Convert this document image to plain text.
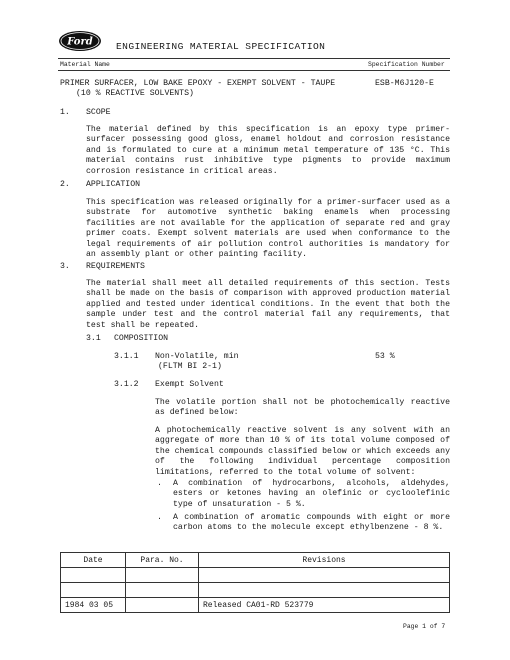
Ford ENGINEERING MATERIAL SPECIFICATION
Material Name	Specification Number
PRIMER SURFACER, LOW BAKE EPOXY - EXEMPT SOLVENT - TAUPE	ESB-M6J120-E
(10 % REACTIVE SOLVENTS)
1. SCOPE
The material defined by this specification is an epoxy type primer-surfacer possessing good gloss, enamel holdout and corrosion resistance and is formulated to cure at a minimum metal temperature of 135 °C. This material contains rust inhibitive type pigments to provide maximum corrosion resistance in critical areas.
2. APPLICATION
This specification was released originally for a primer-surfacer used as a substrate for automotive synthetic baking enamels when processing facilities are not available for the application of separate red and gray primer coats. Exempt solvent materials are used when conformance to the legal requirements of air pollution control authorities is mandatory for an assembly plant or other painting facility.
3. REQUIREMENTS
The material shall meet all detailed requirements of this section. Tests shall be made on the basis of comparison with approved production material applied and tested under identical conditions. In the event that both the sample under test and the control material fail any requirements, that test shall be repeated.
3.1 COMPOSITION
3.1.1 Non-Volatile, min	53 %
(FLTM BI 2-1)
3.1.2 Exempt Solvent
The volatile portion shall not be photochemically reactive as defined below:
A photochemically reactive solvent is any solvent with an aggregate of more than 10 % of its total volume composed of the chemical compounds classified below or which exceeds any of the following individual percentage composition limitations, referred to the total volume of solvent:
. A combination of hydrocarbons, alcohols, aldehydes, esters or ketones having an olefinic or cycloolefinic type of unsaturation - 5 %.
. A combination of aromatic compounds with eight or more carbon atoms to the molecule except ethylbenzene - 8 %.
Date	Para. No.	Revisions

1984 03 05		Released CA01-RD 523779
Page 1 of 7
